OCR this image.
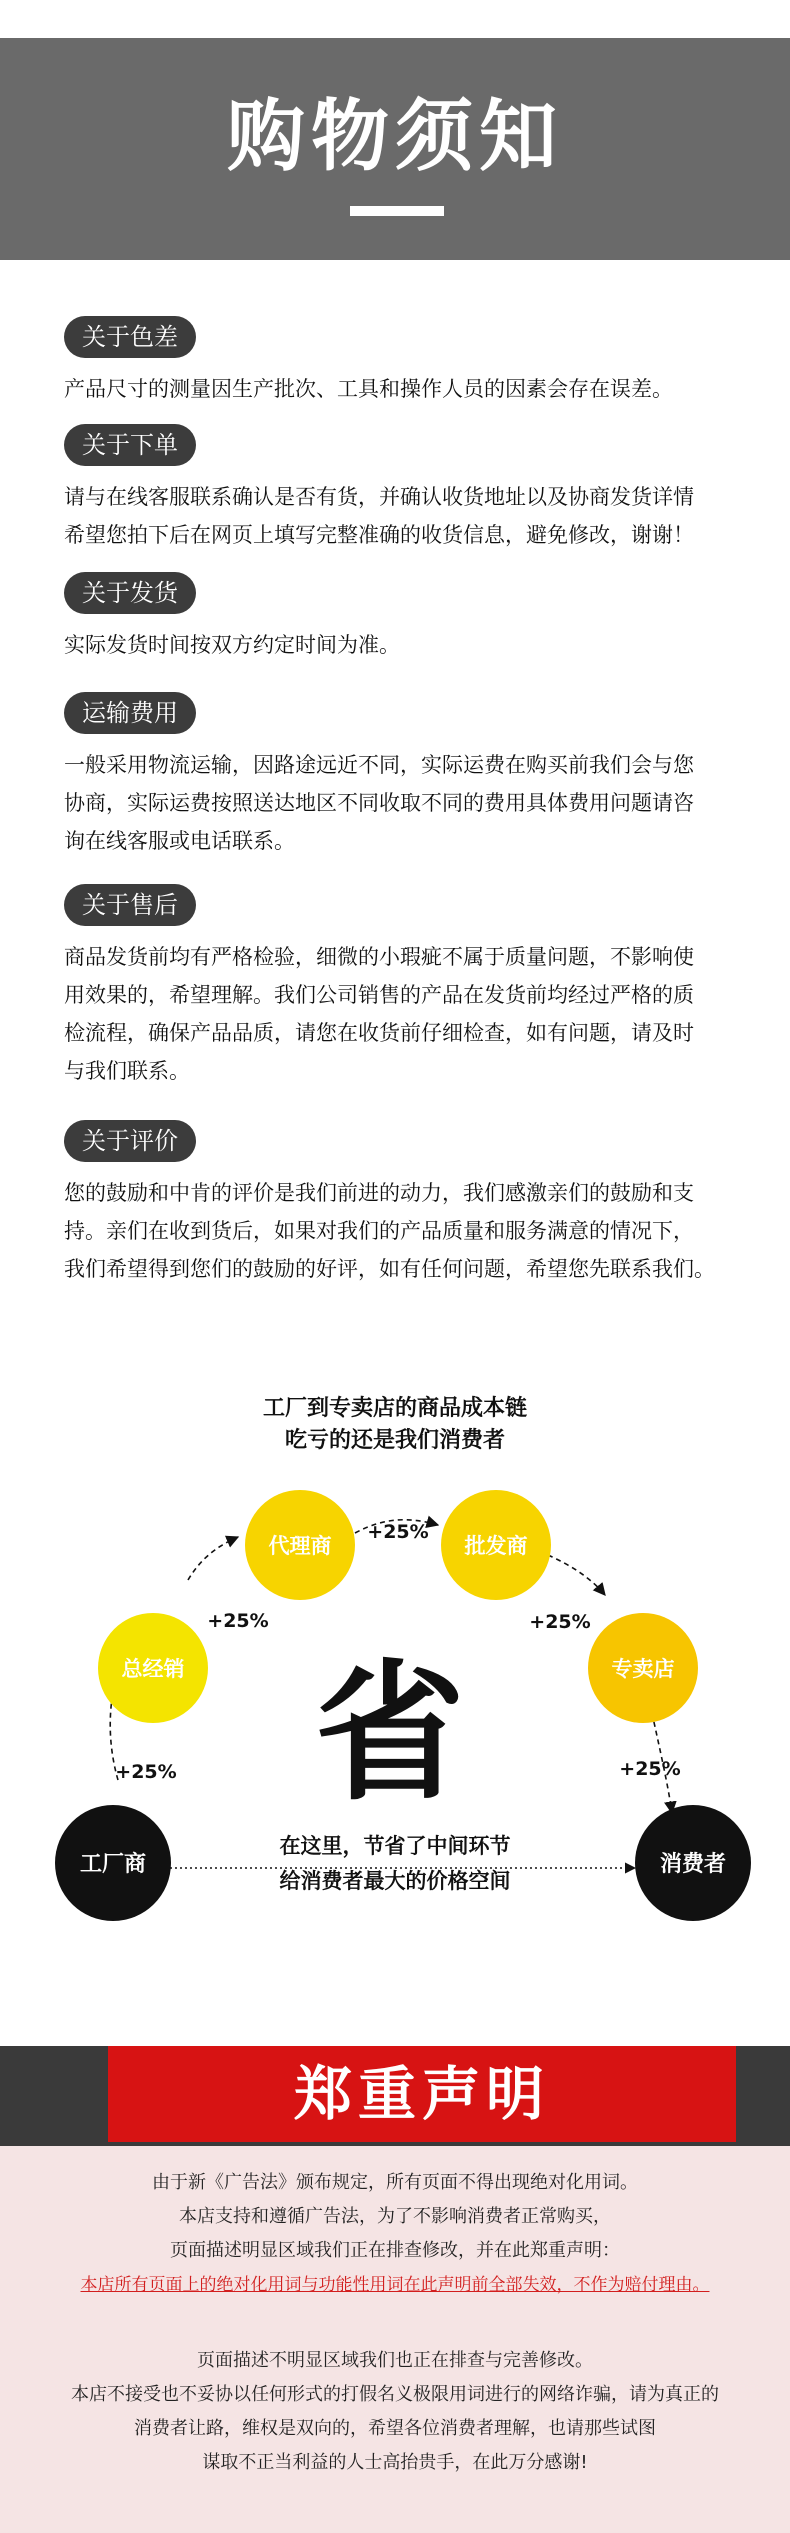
购物须知
关于色差
产品尺寸的测量因生产批次、工具和操作人员的因素会存在误差。
关于下单
请与在线客服联系确认是否有货，并确认收货地址以及协商发货详情
希望您拍下后在网页上填写完整准确的收货信息，避免修改，谢谢！
关于发货
实际发货时间按双方约定时间为准。
运输费用
一般采用物流运输，因路途远近不同，实际运费在购买前我们会与您
协商，实际运费按照送达地区不同收取不同的费用具体费用问题请咨
询在线客服或电话联系。
关于售后
商品发货前均有严格检验，细微的小瑕疵不属于质量问题，不影响使
用效果的，希望理解。我们公司销售的产品在发货前均经过严格的质
检流程，确保产品品质，请您在收货前仔细检查，如有问题，请及时
与我们联系。
关于评价
您的鼓励和中肯的评价是我们前进的动力，我们感激亲们的鼓励和支
持。亲们在收到货后，如果对我们的产品质量和服务满意的情况下，
我们希望得到您们的鼓励的好评，如有任何问题，希望您先联系我们。
工厂到专卖店的商品成本链
吃亏的还是我们消费者
+25%
+25%
+25%
+25%
+25%
工厂商
总经销
代理商	批发商
专卖店
消费者
省
在这里，节省了中间环节
给消费者最大的价格空间
郑重声明
由于新《广告法》颁布规定，所有页面不得出现绝对化用词。
本店支持和遵循广告法，为了不影响消费者正常购买，
页面描述明显区域我们正在排查修改，并在此郑重声明：
本店所有页面上的绝对化用词与功能性用词在此声明前全部失效，不作为赔付理由。
页面描述不明显区域我们也正在排查与完善修改。
本店不接受也不妥协以任何形式的打假名义极限用词进行的网络诈骗，请为真正的
消费者让路，维权是双向的，希望各位消费者理解，也请那些试图
谋取不正当利益的人士高抬贵手，在此万分感谢!
